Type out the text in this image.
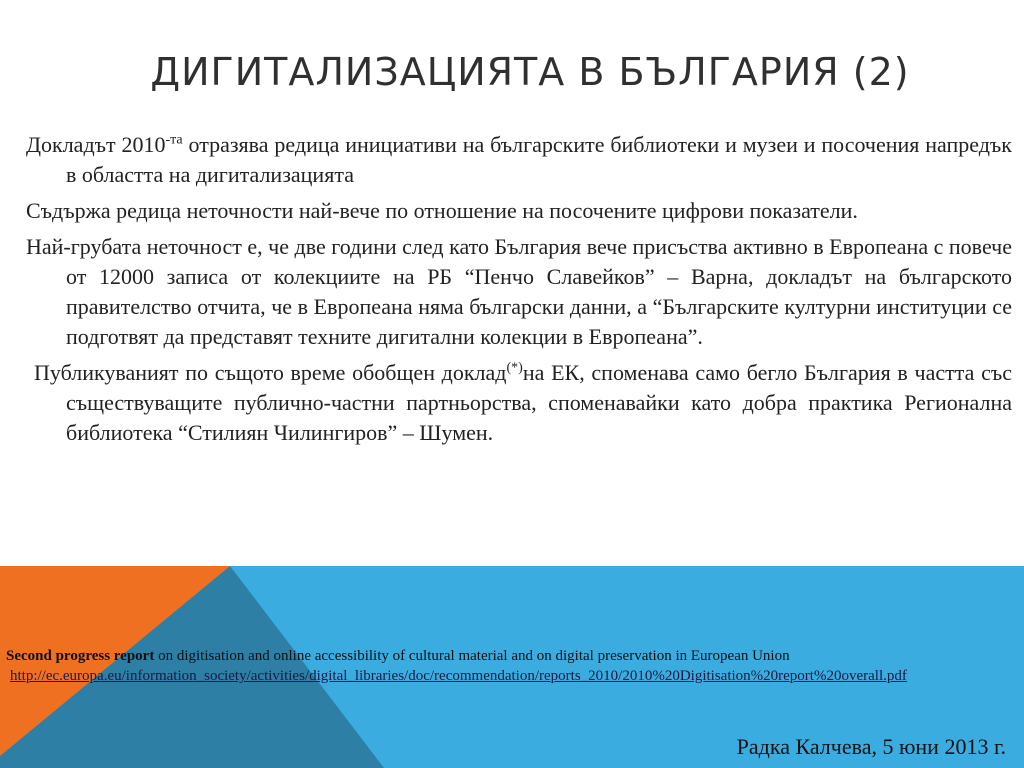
ДИГИТАЛИЗАЦИЯТА В БЪЛГАРИЯ (2)

Докладът $2010^{-та}$ отразява редица инициативи на българските библиотеки и музеи и посочения напредък в областта на дигитализацията

Съдържа редица неточности най-вече по отношение на посочените цифрови показатели.

Най-грубата неточност е, че две години след като България вече присъства активно в Европеана с повече от 12000 записа от колекциите на РБ “Пенчо Славейков” – Варна, докладът на българското правителство отчита, че в Европеана няма български данни, а “Българските културни институции се подготвят да представят техните дигитални колекции в Европеана”.

Публикуваният по същото време обобщен доклад(*)на ЕК, споменава само бегло България в частта със съществуващите публично-частни партньорства, споменавайки като добра практика Регионална библиотека “Стилиян Чилингиров” – Шумен.

Second progress report on digitisation and online accessibility of cultural material and on digital preservation in European Union
http://ec.europa.eu/information_society/activities/digital_libraries/doc/recommendation/reports_2010/2010%20Digitisation%20report%20overall.pdf
Радка Калчева, 5 юни 2013 г.
